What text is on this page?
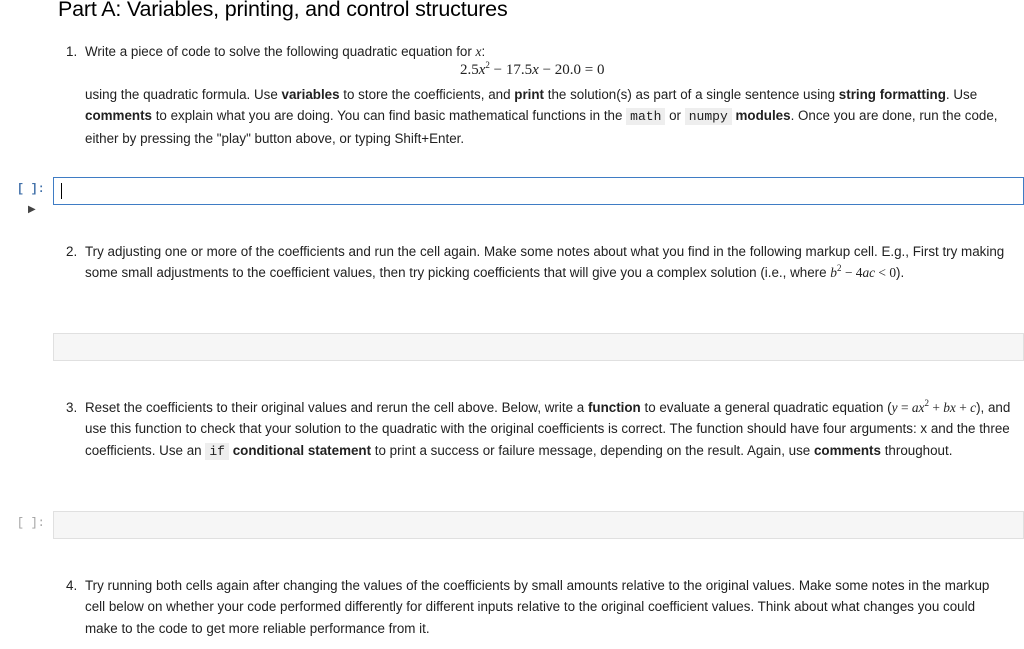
Part A: Variables, printing, and control structures
1. Write a piece of code to solve the following quadratic equation for x:
$2.5x^2 - 17.5x - 20.0 = 0$
using the quadratic formula. Use variables to store the coefficients, and print the solution(s) as part of a single sentence using string formatting. Use comments to explain what you are doing. You can find basic mathematical functions in the math or numpy modules. Once you are done, run the code, either by pressing the "play" button above, or typing Shift+Enter.
[ ]:
▶
2. Try adjusting one or more of the coefficients and run the cell again. Make some notes about what you find in the following markup cell. E.g., First try making some small adjustments to the coefficient values, then try picking coefficients that will give you a complex solution (i.e., where $b^2 - 4ac < 0$).
3. Reset the coefficients to their original values and rerun the cell above. Below, write a function to evaluate a general quadratic equation ($y = ax^2$ + bx + c), and use this function to check that your solution to the quadratic with the original coefficients is correct. The function should have four arguments: x and the three coefficients. Use an if conditional statement to print a success or failure message, depending on the result. Again, use comments throughout.
[ ]:
4. Try running both cells again after changing the values of the coefficients by small amounts relative to the original values. Make some notes in the markup cell below on whether your code performed differently for different inputs relative to the original coefficient values. Think about what changes you could make to the code to get more reliable performance from it.
